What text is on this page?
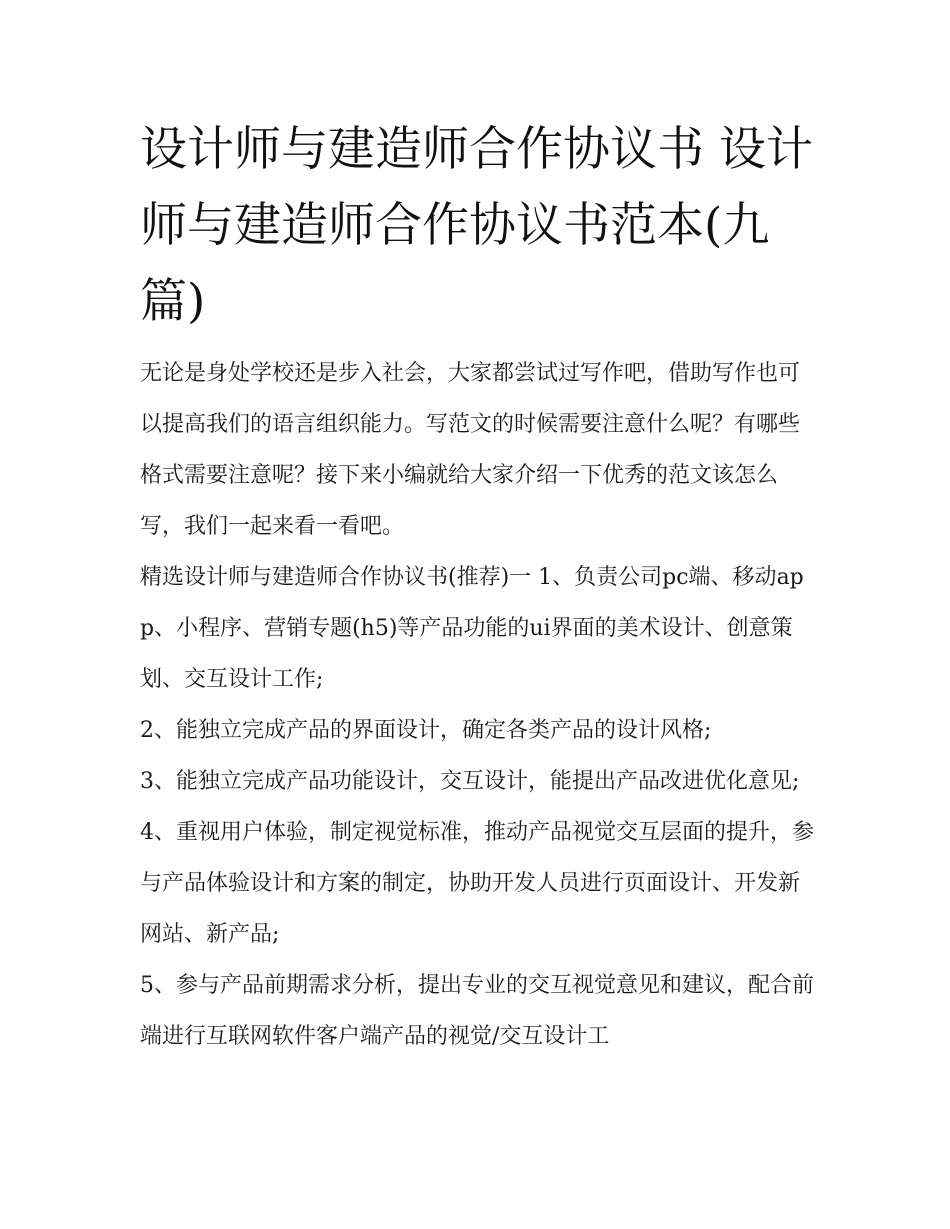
设计师与建造师合作协议书 设计师与建造师合作协议书范本(九篇)

无论是身处学校还是步入社会，大家都尝试过写作吧，借助写作也可以提高我们的语言组织能力。写范文的时候需要注意什么呢？有哪些格式需要注意呢？接下来小编就给大家介绍一下优秀的范文该怎么写，我们一起来看一看吧。

精选设计师与建造师合作协议书(推荐)一 1、负责公司pc端、移动app、小程序、营销专题(h5)等产品功能的ui界面的美术设计、创意策划、交互设计工作;

2、能独立完成产品的界面设计，确定各类产品的设计风格;

3、能独立完成产品功能设计，交互设计，能提出产品改进优化意见;

4、重视用户体验，制定视觉标准，推动产品视觉交互层面的提升，参与产品体验设计和方案的制定，协助开发人员进行页面设计、开发新网站、新产品;

5、参与产品前期需求分析，提出专业的交互视觉意见和建议，配合前端进行互联网软件客户端产品的视觉/交互设计工
